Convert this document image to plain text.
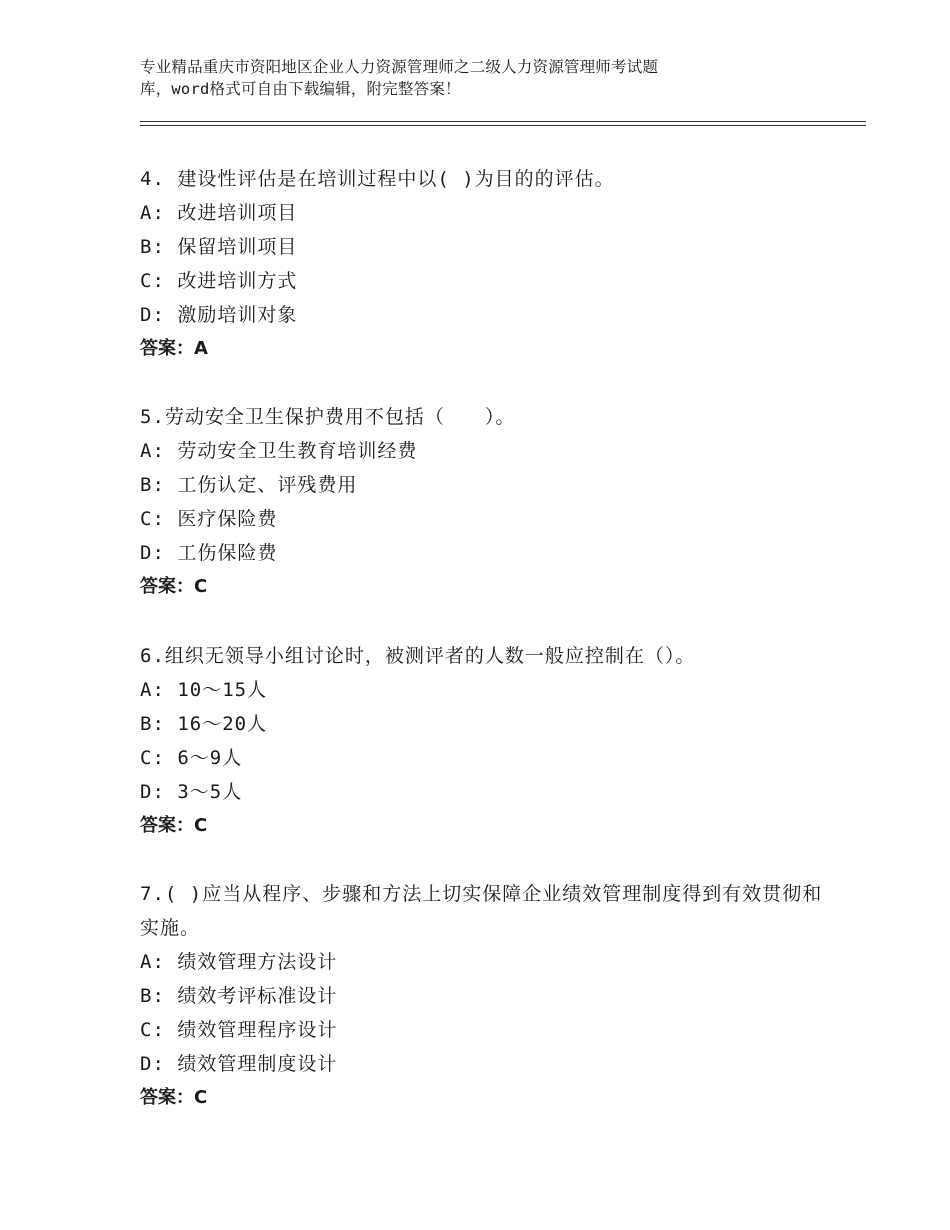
专业精品重庆市资阳地区企业人力资源管理师之二级人力资源管理师考试题
库，word格式可自由下载编辑，附完整答案！
4. 建设性评估是在培训过程中以( )为目的的评估。
A: 改进培训项目
B: 保留培训项目
C: 改进培训方式
D: 激励培训对象
答案：A
5.劳动安全卫生保护费用不包括（　　）。
A: 劳动安全卫生教育培训经费
B: 工伤认定、评残费用
C: 医疗保险费
D: 工伤保险费
答案：C
6.组织无领导小组讨论时，被测评者的人数一般应控制在（）。
A: 10～15人
B: 16～20人
C: 6～9人
D: 3～5人
答案：C
7.( )应当从程序、步骤和方法上切实保障企业绩效管理制度得到有效贯彻和实施。
A: 绩效管理方法设计
B: 绩效考评标准设计
C: 绩效管理程序设计
D: 绩效管理制度设计
答案：C
